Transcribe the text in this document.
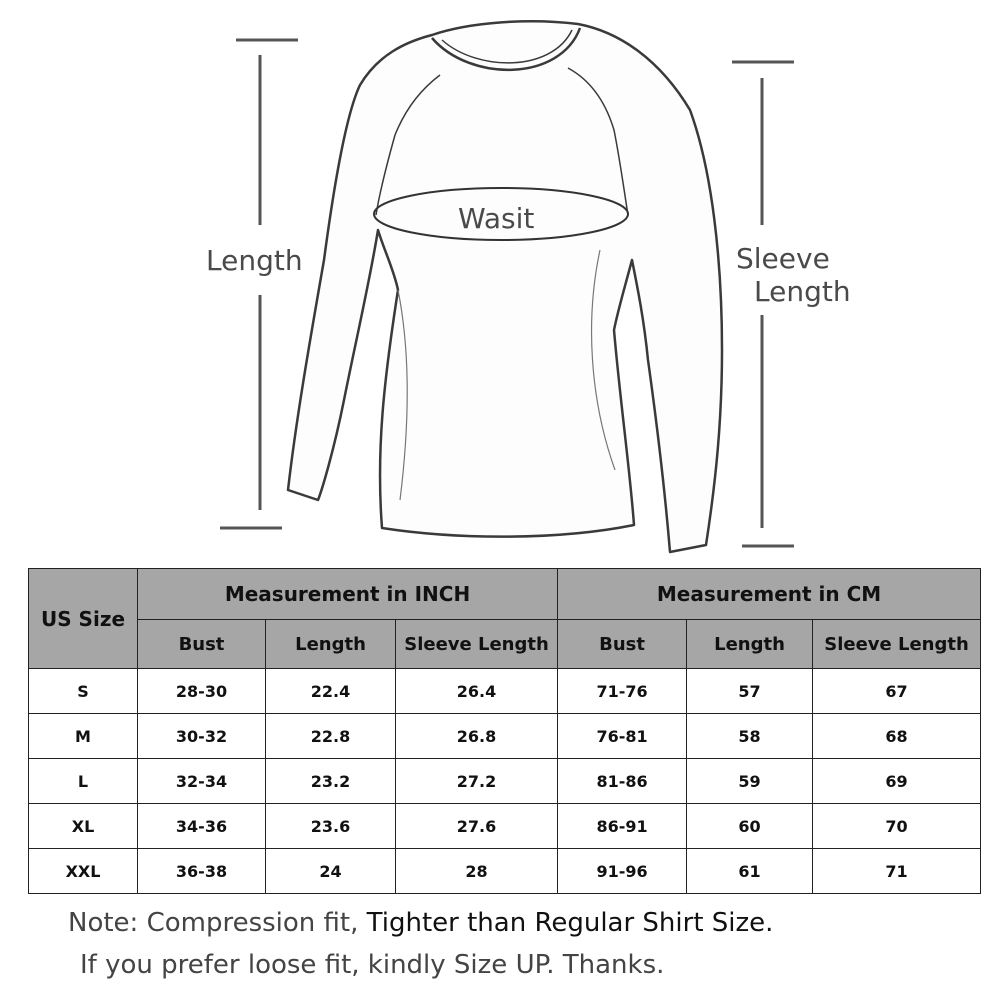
Length
Wasit
Sleeve
Length
US Size	Measurement in INCH			Measurement in CM		
	Bust	Length	Sleeve Length	Bust	Length	Sleeve Length
S	28-30	22.4	26.4	71-76	57	67
M	30-32	22.8	26.8	76-81	58	68
L	32-34	23.2	27.2	81-86	59	69
XL	34-36	23.6	27.6	86-91	60	70
XXL	36-38	24	28	91-96	61	71
Note: Compression fit, Tighter than Regular Shirt Size.
If you prefer loose fit, kindly Size UP. Thanks.
